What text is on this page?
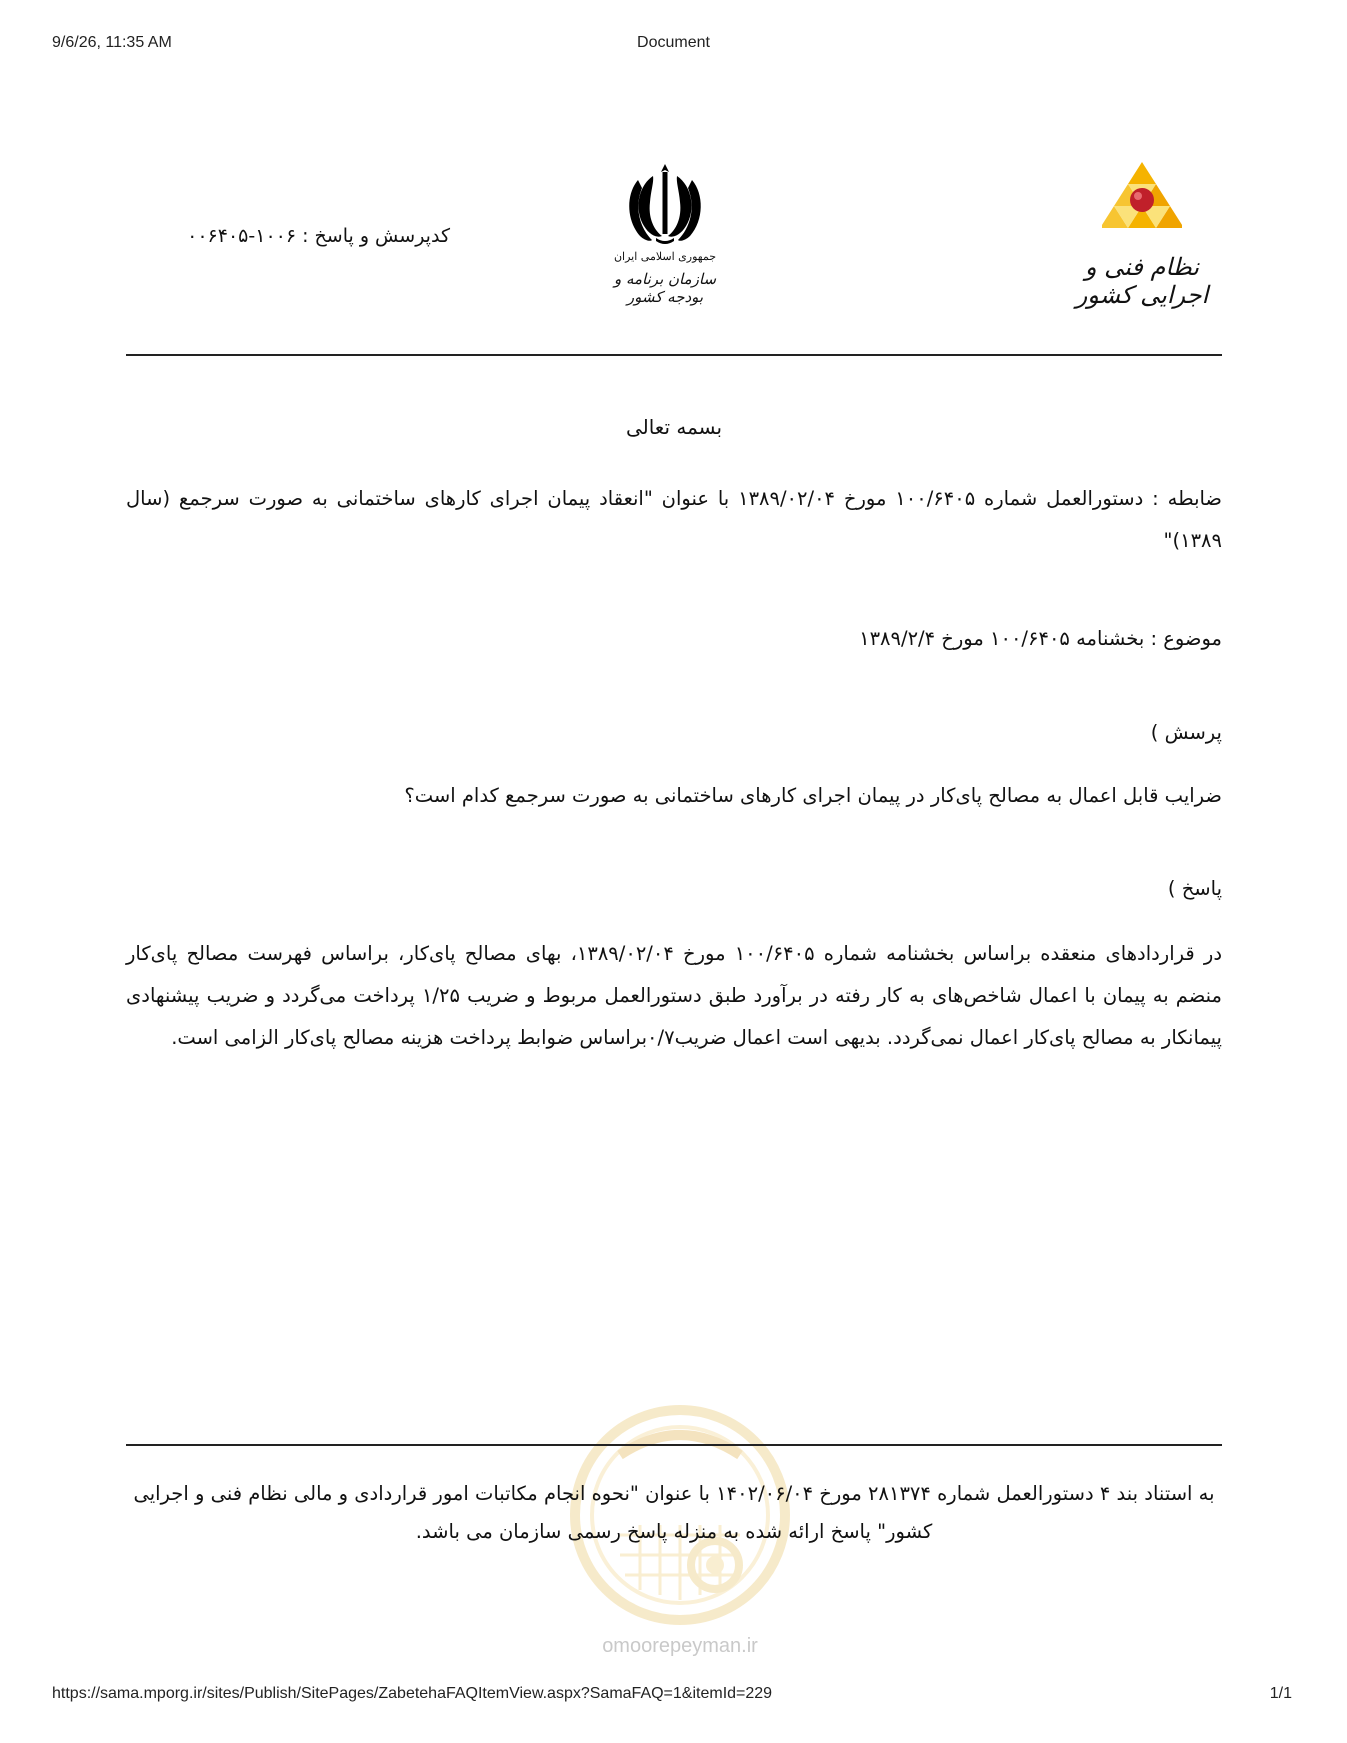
9/6/26, 11:35 AM	Document
کدپرسش و پاسخ : ۱۰۰۶-۰۰۶۴۰۵
جمهوری اسلامی ایران
سازمان برنامه و بودجه کشور
نظام فنی و اجرایی کشور
بسمه تعالی
ضابطه : دستورالعمل شماره ۱۰۰/۶۴۰۵ مورخ ۱۳۸۹/۰۲/۰۴ با عنوان "انعقاد پیمان اجرای کارهای ساختمانی به صورت سرجمع (سال ۱۳۸۹)"
موضوع : بخشنامه ۱۰۰/۶۴۰۵ مورخ ۱۳۸۹/۲/۴
پرسش )
ضرایب قابل اعمال به مصالح پای‌کار در پیمان اجرای کارهای ساختمانی به صورت سرجمع کدام است؟
پاسخ )
در قراردادهای منعقده براساس بخشنامه شماره ۱۰۰/۶۴۰۵ مورخ ۱۳۸۹/۰۲/۰۴، بهای مصالح پای‌کار، براساس فهرست مصالح پای‌کار منضم به پیمان با اعمال شاخص‌های به کار رفته در برآورد طبق دستورالعمل مربوط و ضریب ۱/۲۵ پرداخت می‌گردد و ضریب پیشنهادی پیمانکار به مصالح پای‌کار اعمال نمی‌گردد. بدیهی است اعمال ضریب۰/۷براساس ضوابط پرداخت هزینه مصالح پای‌کار الزامی است.
omoorepeyman.ir
به استناد بند ۴ دستورالعمل شماره ۲۸۱۳۷۴ مورخ ۱۴۰۲/۰۶/۰۴ با عنوان "نحوه انجام مکاتبات امور قراردادی و مالی نظام فنی و اجرایی کشور" پاسخ ارائه شده به منزله پاسخ رسمی سازمان می باشد.
https://sama.mporg.ir/sites/Publish/SitePages/ZabetehaFAQItemView.aspx?SamaFAQ=1&itemId=229	1/1
